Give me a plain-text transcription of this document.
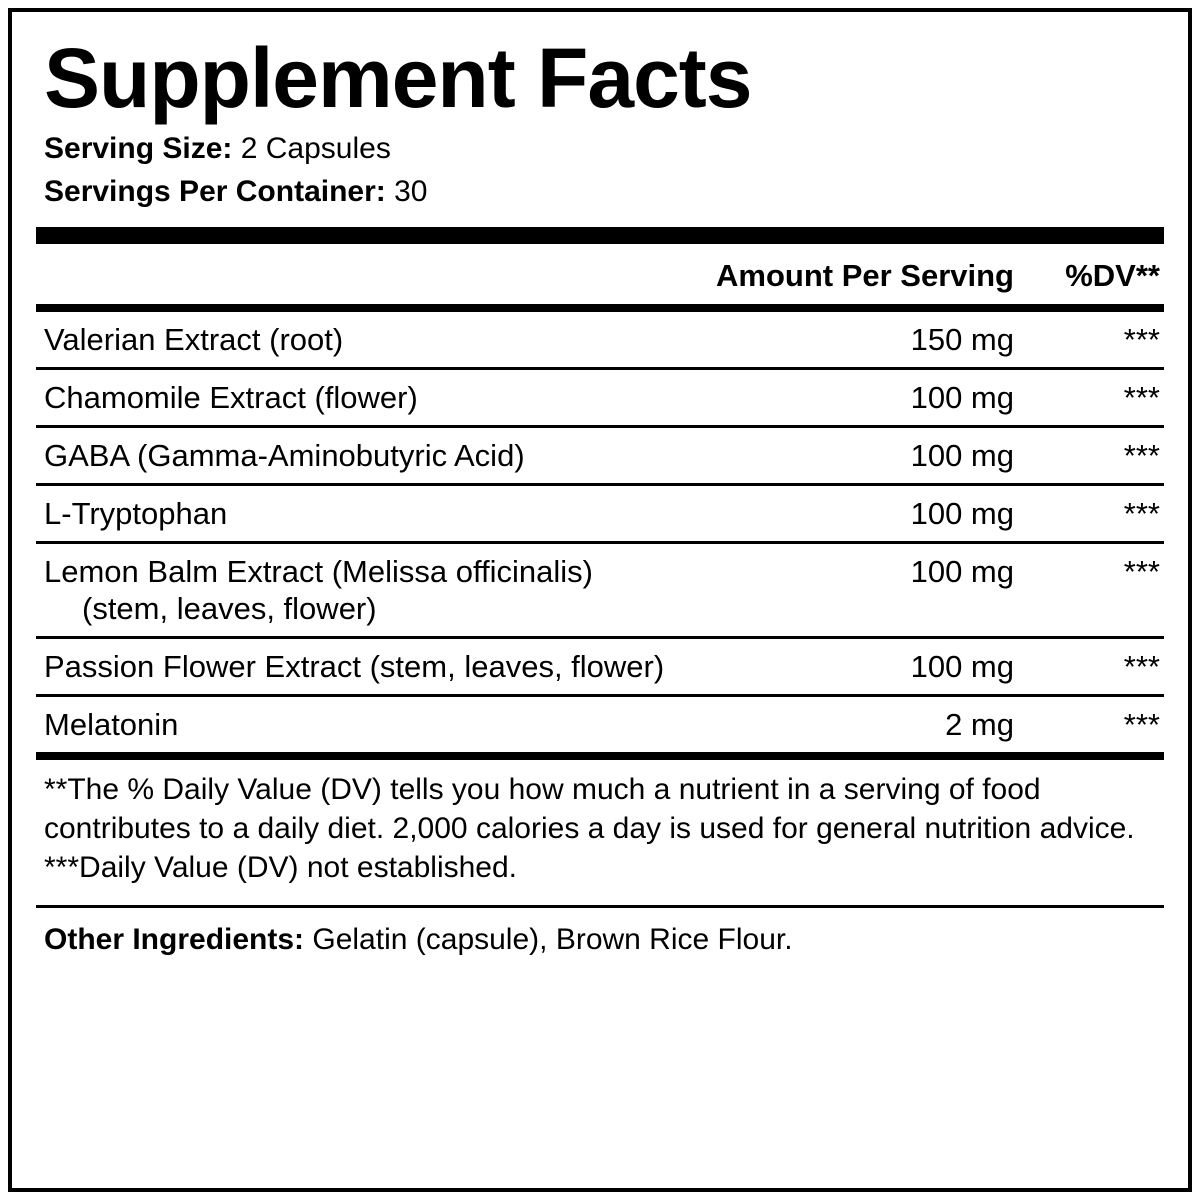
Supplement Facts
Serving Size: 2 Capsules
Servings Per Container: 30
Amount Per Serving	%DV**
Valerian Extract (root)	150 mg	***
Chamomile Extract (flower)	100 mg	***
GABA (Gamma-Aminobutyric Acid)	100 mg	***
L-Tryptophan	100 mg	***
Lemon Balm Extract (Melissa officinalis)
(stem, leaves, flower)
100 mg	***
Passion Flower Extract (stem, leaves, flower)	100 mg	***
Melatonin	2 mg	***

**The % Daily Value (DV) tells you how much a nutrient in a serving of food contributes to a daily diet. 2,000 calories a day is used for general nutrition advice.

***Daily Value (DV) not established.

Other Ingredients: Gelatin (capsule), Brown Rice Flour.
